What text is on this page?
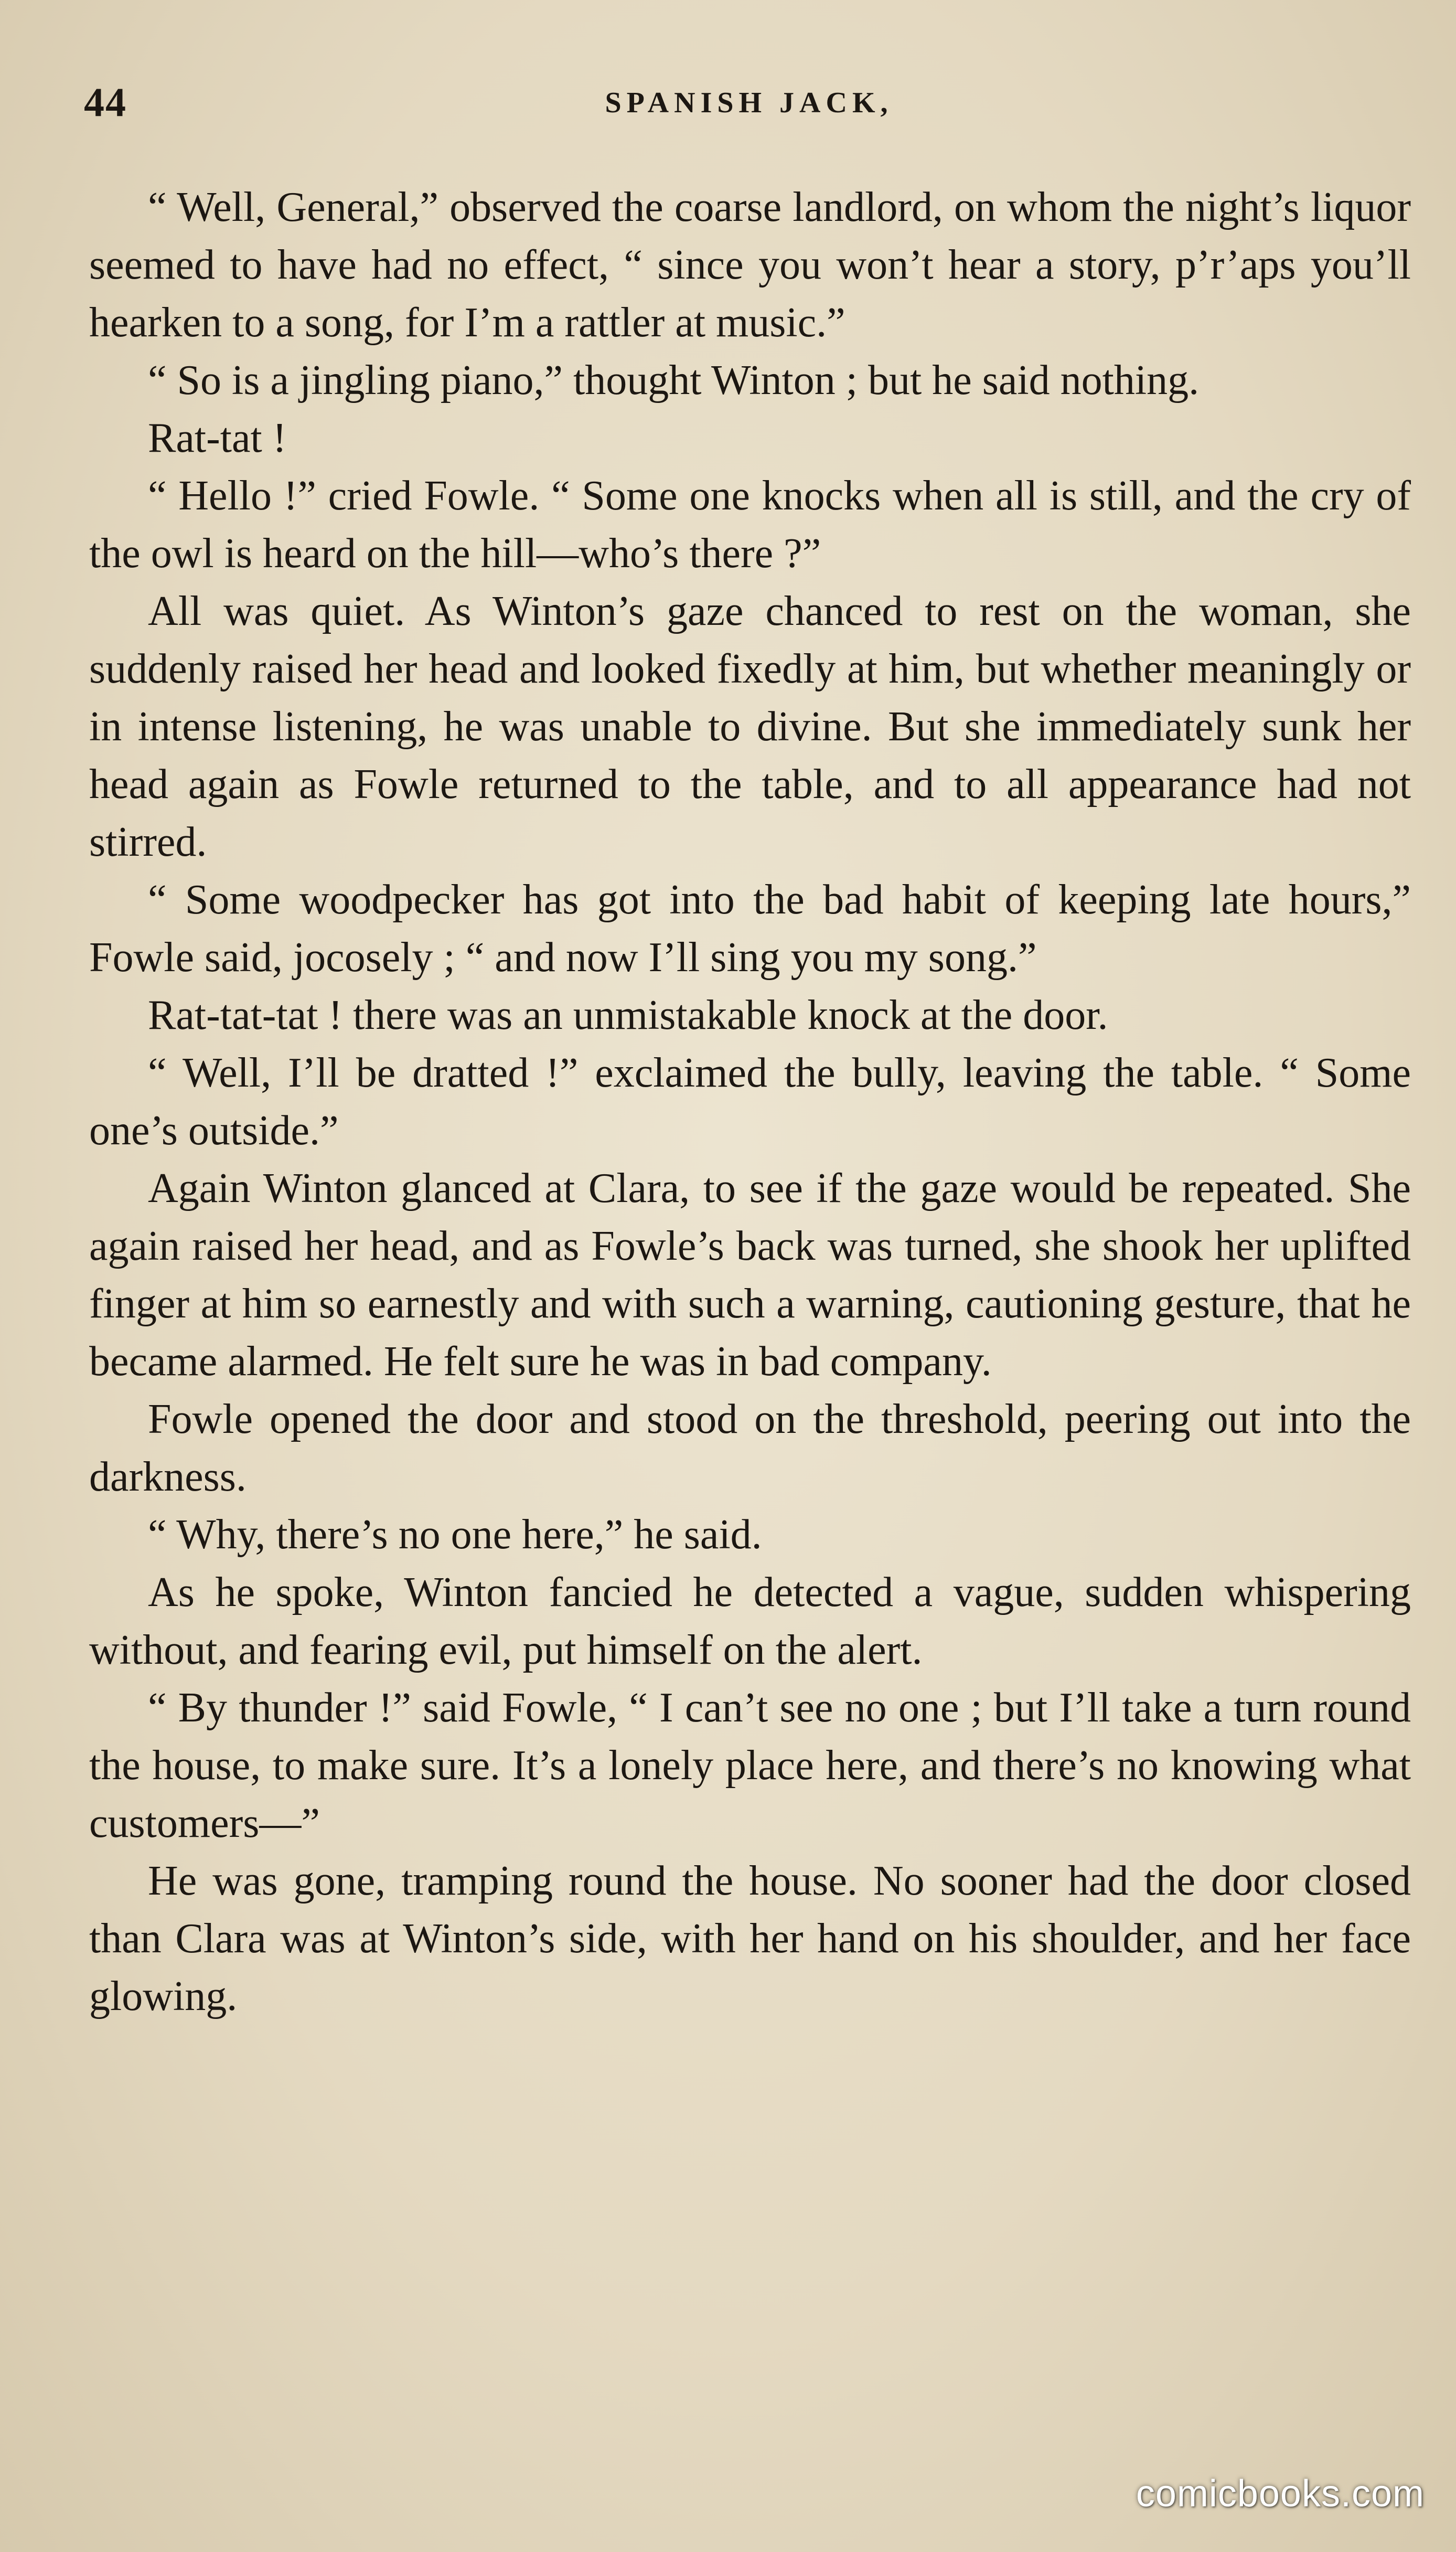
44	SPANISH JACK,

“ Well, General,” observed the coarse landlord, on whom the night’s liquor seemed to have had no effect, “ since you won’t hear a story, p’r’aps you’ll hearken to a song, for I’m a rattler at music.”

“ So is a jingling piano,” thought Winton ; but he said nothing.

Rat-tat !

“ Hello !” cried Fowle. “ Some one knocks when all is still, and the cry of the owl is heard on the hill—who’s there ?”

All was quiet. As Winton’s gaze chanced to rest on the woman, she suddenly raised her head and looked fixedly at him, but whether meaningly or in intense listening, he was unable to divine. But she immediately sunk her head again as Fowle returned to the table, and to all appearance had not stirred.

“ Some woodpecker has got into the bad habit of keeping late hours,” Fowle said, jocosely ; “ and now I’ll sing you my song.”

Rat-tat-tat ! there was an unmistakable knock at the door.

“ Well, I’ll be dratted !” exclaimed the bully, leaving the table. “ Some one’s outside.”

Again Winton glanced at Clara, to see if the gaze would be repeated. She again raised her head, and as Fowle’s back was turned, she shook her uplifted finger at him so earnestly and with such a warning, cautioning gesture, that he became alarmed. He felt sure he was in bad company.

Fowle opened the door and stood on the threshold, peering out into the darkness.

“ Why, there’s no one here,” he said.

As he spoke, Winton fancied he detected a vague, sudden whispering without, and fearing evil, put himself on the alert.

“ By thunder !” said Fowle, “ I can’t see no one ; but I’ll take a turn round the house, to make sure. It’s a lonely place here, and there’s no knowing what customers—”

He was gone, tramping round the house. No sooner had the door closed than Clara was at Winton’s side, with her hand on his shoulder, and her face glowing.

comicbooks.com
